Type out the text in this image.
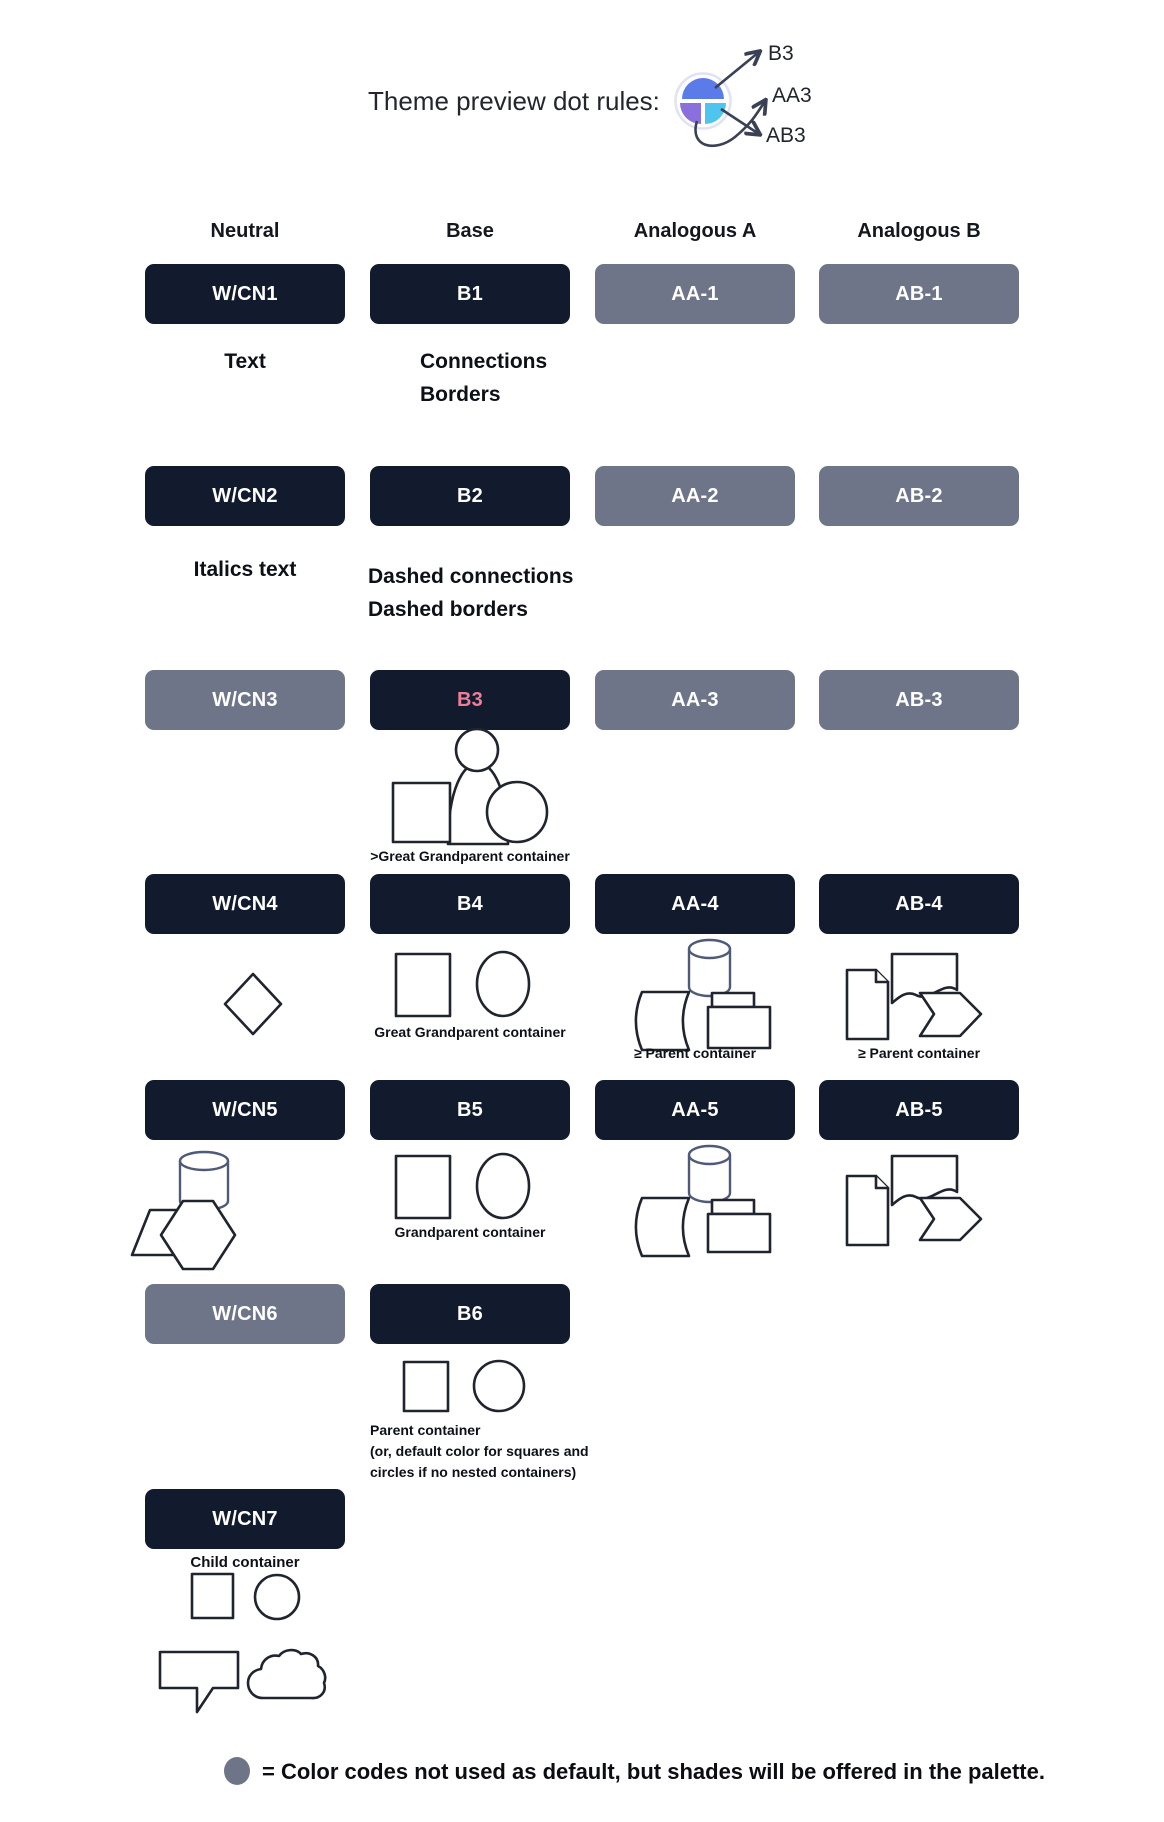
Theme preview dot rules:
B3
AA3
AB3
Neutral	Base	Analogous A	Analogous B
W/CN1	B1	AA-1	AB-1
Text	Connections
Borders
W/CN2	B2	AA-2	AB-2
Italics text	Dashed connections
Dashed borders
W/CN3	B3	AA-3	AB-3
>Great Grandparent container
W/CN4	B4	AA-4	AB-4
Great Grandparent container
≥ Parent container	≥ Parent container
W/CN5	B5	AA-5	AB-5
Grandparent container
W/CN6	B6
Parent container
(or, default color for squares and
circles if no nested containers)
W/CN7
Child container
= Color codes not used as default, but shades will be offered in the palette.
